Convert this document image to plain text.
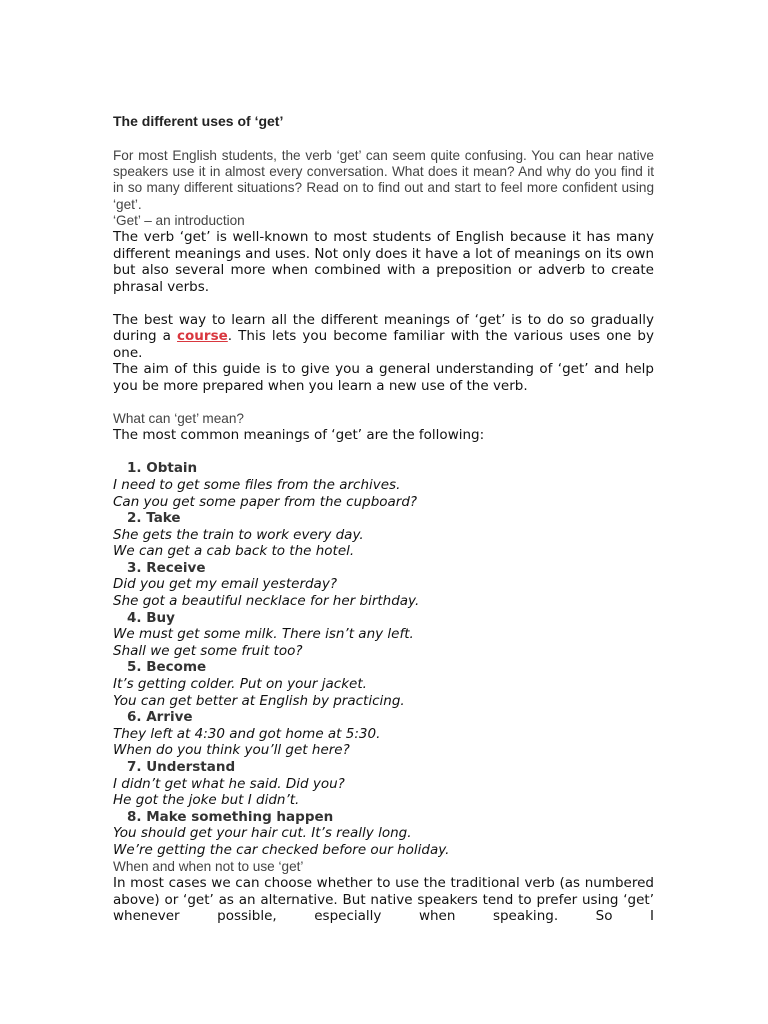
The different uses of ‘get’

For most English students, the verb ‘get’ can seem quite confusing. You can hear native speakers use it in almost every conversation. What does it mean? And why do you find it in so many different situations? Read on to find out and start to feel more confident using ‘get’.

‘Get’ – an introduction

The verb ‘get’ is well-known to most students of English because it has many different meanings and uses. Not only does it have a lot of meanings on its own but also several more when combined with a preposition or adverb to create phrasal verbs.

The best way to learn all the different meanings of ‘get’ is to do so gradually during a course. This lets you become familiar with the various uses one by one.

The aim of this guide is to give you a general understanding of ‘get’ and help you be more prepared when you learn a new use of the verb.

What can ‘get’ mean?

The most common meanings of ‘get’ are the following:

1. Obtain

I need to get some files from the archives.

Can you get some paper from the cupboard?

2. Take

She gets the train to work every day.

We can get a cab back to the hotel.

3. Receive

Did you get my email yesterday?

She got a beautiful necklace for her birthday.

4. Buy

We must get some milk. There isn’t any left.

Shall we get some fruit too?

5. Become

It’s getting colder. Put on your jacket.

You can get better at English by practicing.

6. Arrive

They left at 4:30 and got home at 5:30.

When do you think you’ll get here?

7. Understand

I didn’t get what he said. Did you?

He got the joke but I didn’t.

8. Make something happen

You should get your hair cut. It’s really long.

We’re getting the car checked before our holiday.

When and when not to use ‘get’

In most cases we can choose whether to use the traditional verb (as numbered above) or ‘get’ as an alternative. But native speakers tend to prefer using ‘get’ whenever possible, especially when speaking. So I
